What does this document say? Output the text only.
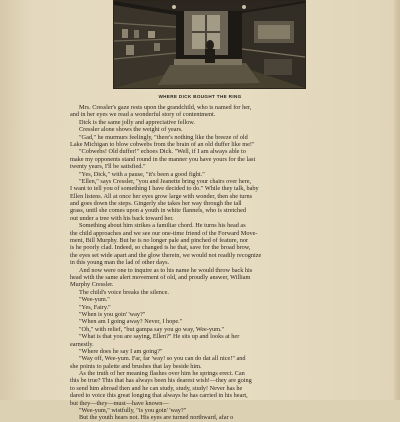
WHERE DICK BOUGHT THE RING
Mrs. Cressler's gaze rests upon the grandchild, who is named for her,
and in her eyes we read a wonderful story of contentment.
Dick is the same jolly and appreciative fellow.
Cressler alone shows the weight of years.
"Gad," he murmurs feelingly, "there's nothing like the breeze of old
Lake Michigan to blow cobwebs from the brain of an old duffer like me!"
"Cobwebs! Old duffer!" echoes Dick. "Well, if I am always able to
make my opponents stand round in the manner you have yours for the last
twenty years, I'll be satisfied."
"Yes, Dick," with a pause, "it's been a good fight."
"Ellen," says Cressler, "you and Jeanette bring your chairs over here,
I want to tell you of something I have decided to do." While they talk, baby
Ellen listens. All at once her eyes grow large with wonder, then she turns
and goes down the steps. Gingerly she takes her way through the tall
grass, until she comes upon a youth in white flannels, who is stretched
out under a tree with his back toward her.
Something about him strikes a familiar chord. He turns his head as
the child approaches and we see our one-time friend of the Forward Move-
ment, Bill Murphy. But he is no longer pale and pinched of feature, nor
is he poorly clad. Indeed, so changed is he that, save for the broad brow,
the eyes set wide apart and the glow therein, we would not readily recognize
in this young man the lad of other days.
And now were one to inquire as to his name he would throw back his
head with the same alert movement of old, and proudly answer, William
Murphy Cressler.
The child's voice breaks the silence.
"Wee-yum."
"Yes, Fairy."
"When is you goin' 'way?"
"When am I going away? Never, I hope."
"Oh," with relief, "but gampa say you go way, Wee-yum."
"What is that you are saying, Ellen?" He sits up and looks at her
earnestly.
"Where does he say I am going?"
"Way off, Wee-yum. Far, far 'way! so you can do dat all nice!" and
she points to palette and brushes that lay beside him.
As the truth of her meaning flashes over him he springs erect. Can
this be true? This that has always been his dearest wish!—they are going
to send him abroad then and he can study, study, study! Never has he
dared to voice this great longing that always he has carried in his heart,
but they—they—must—have known—
"Wee-yum," wistfully, "is you goin' 'way?"
But the youth hears not. His eyes are turned northward, afar o
